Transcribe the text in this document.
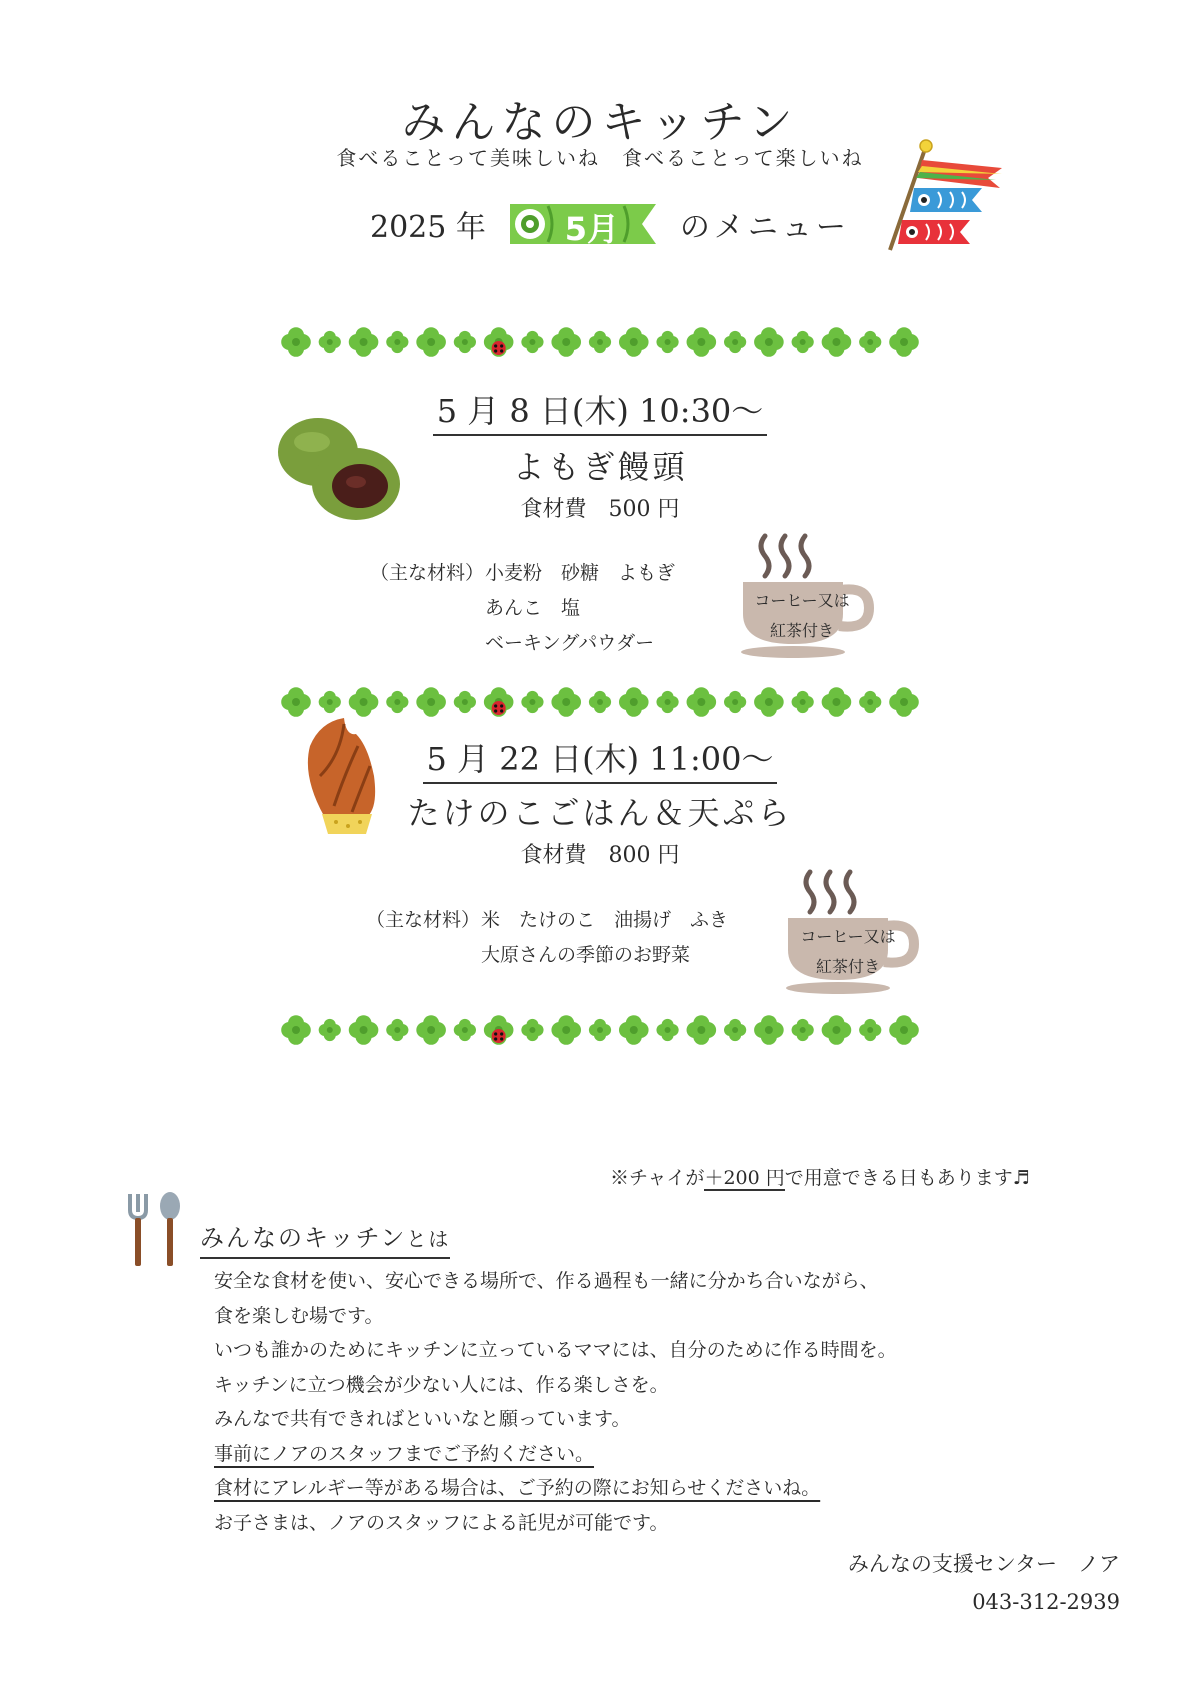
みんなのキッチン
食べることって美味しいね　食べることって楽しいね
2025 年 5月 のメニュー
5 月 8 日(木) 10:30～
よもぎ饅頭
食材費　500 円
（主な材料） 小麦粉　砂糖　よもぎ
あんこ　塩
ベーキングパウダー
コーヒー又は
紅茶付き
5 月 22 日(木) 11:00～
たけのこごはん＆天ぷら
食材費　800 円
（主な材料） 米　たけのこ　油揚げ　ふき
大原さんの季節のお野菜
コーヒー又は
紅茶付き
※チャイが＋200 円で用意できる日もあります♬
みんなのキッチンとは
安全な食材を使い、安心できる場所で、作る過程も一緒に分かち合いながら、
食を楽しむ場です。
いつも誰かのためにキッチンに立っているママには、自分のために作る時間を。
キッチンに立つ機会が少ない人には、作る楽しさを。
みんなで共有できればといいなと願っています。
事前にノアのスタッフまでご予約ください。
食材にアレルギー等がある場合は、ご予約の際にお知らせくださいね。
お子さまは、ノアのスタッフによる託児が可能です。
みんなの支援センター　ノア
043-312-2939
